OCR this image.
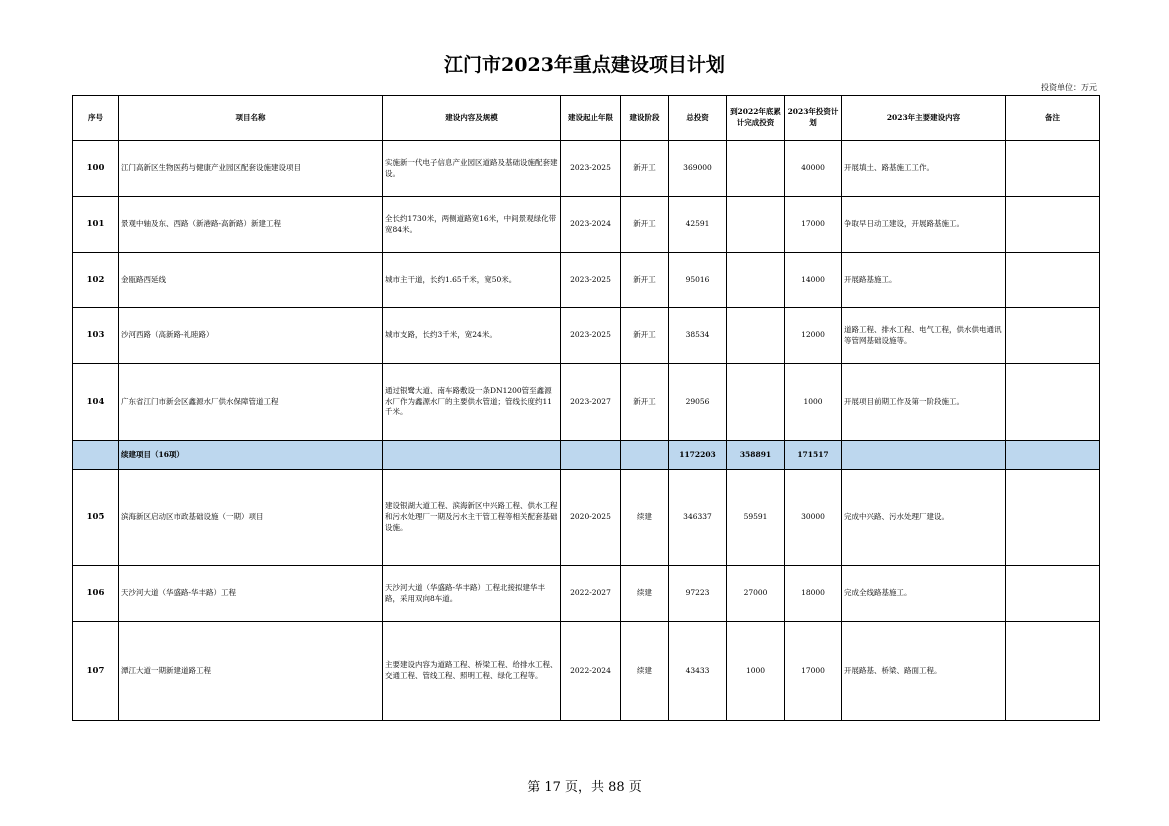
江门市2023年重点建设项目计划
投资单位：万元
序号	项目名称	建设内容及规模	建设起止年限	建设阶段	总投资	到2022年底累计完成投资	2023年投资计划	2023年主要建设内容	备注
100	江门高新区生物医药与健康产业园区配套设施建设项目	实施新一代电子信息产业园区道路及基础设施配套建设。	2023-2025	新开工	369000		40000	开展填土、路基施工工作。	
101	景观中轴及东、西路（新港路-高新路）新建工程	全长约1730米，两侧道路宽16米，中间景观绿化带宽84米。	2023-2024	新开工	42591		17000	争取早日动工建设，开展路基施工。	
102	金瓯路西延线	城市主干道，长约1.65千米，宽50米。	2023-2025	新开工	95016		14000	开展路基施工。	
103	沙河西路（高新路-礼睦路）	城市支路，长约3千米，宽24米。	2023-2025	新开工	38534		12000	道路工程、排水工程、电气工程，供水供电通讯等管网基础设施等。	
104	广东省江门市新会区鑫源水厂供水保障管道工程	通过银鹭大道、南车路敷设一条DN1200管至鑫源水厂作为鑫源水厂的主要供水管道；管线长度约11千米。	2023-2027	新开工	29056		1000	开展项目前期工作及第一阶段施工。	
	续建项目（16项）				1172203	358891	171517		
105	滨海新区启动区市政基础设施（一期）项目	建设银湖大道工程、滨海新区中兴路工程、供水工程和污水处理厂一期及污水主干管工程等相关配套基础设施。	2020-2025	续建	346337	59591	30000	完成中兴路、污水处理厂建设。	
106	天沙河大道（华盛路-华丰路）工程	天沙河大道（华盛路-华丰路）工程北接拟建华丰路，采用双向8车道。	2022-2027	续建	97223	27000	18000	完成全线路基施工。	
107	潭江大道一期新建道路工程	主要建设内容为道路工程、桥梁工程、给排水工程、交通工程、管线工程、照明工程、绿化工程等。	2022-2024	续建	43433	1000	17000	开展路基、桥梁、路面工程。	
第 17 页，共 88 页
